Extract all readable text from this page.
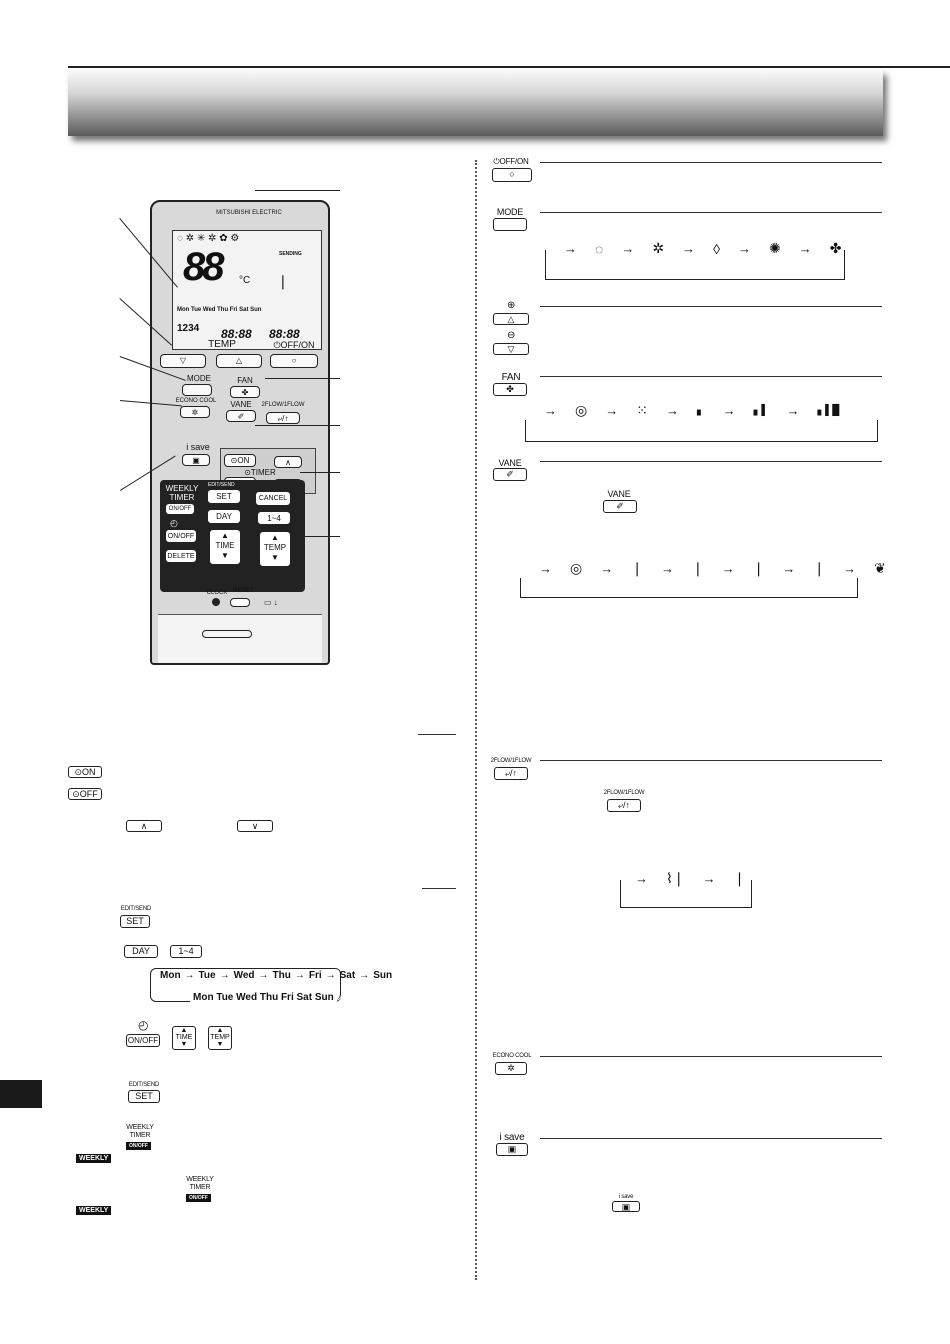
MITSUBISHI ELECTRIC
◌ ✲ ✳ ✲ ✿ ⚙
88 °C
SENDING
❘
Mon Tue Wed Thu Fri Sat Sun
1234 88:88 88:88
TEMP	⏻OFF/ON
▽	△	○
MODE	FAN
✤
ECONO COOL
✲
VANE
✐
2FLOW/1FLOW
⤶/↑
i save
▣	⊙ON	∧
⊙TIMER
WEEKLY TIMER
ON/OFF
EDIT/SEND
SET	CANCEL
DAY	1~4
◴
ON/OFF
DELETE
▲
TIME
▼
▲
TEMP
▼
CLOCK RESET
▭ ↓
⊙ON
⊙OFF
∧	∨
EDIT/SEND
SET
DAY	1~4
Mon → Tue → Wed → Thu → Fri → Sat → Sun
Mon Tue Wed Thu Fri Sat Sun
◴
ON/OFF
▲
TIME
▼
▲
TEMP
▼
EDIT/SEND
SET
WEEKLY TIMER
ON/OFF
WEEKLY
WEEKLY TIMER
ON/OFF
WEEKLY
⏻OFF/ON
○
MODE
→ ◌ → ✲ → ◊ → ✺ → ✤
⊕
△
⊖
▽
FAN
✤
→ ◎ → ⁙ → ▖ → ▖▌ → ▖▌█
VANE
✐
VANE
✐
→ ◎ → ❘ → ❘ → ❘ → ❘ → ❦
2FLOW/1FLOW
⤶/↑
2FLOW/1FLOW
⤶/↑
→ ⌇❘ → ❘
ECONO COOL
✲
i save
▣
i save
▣
